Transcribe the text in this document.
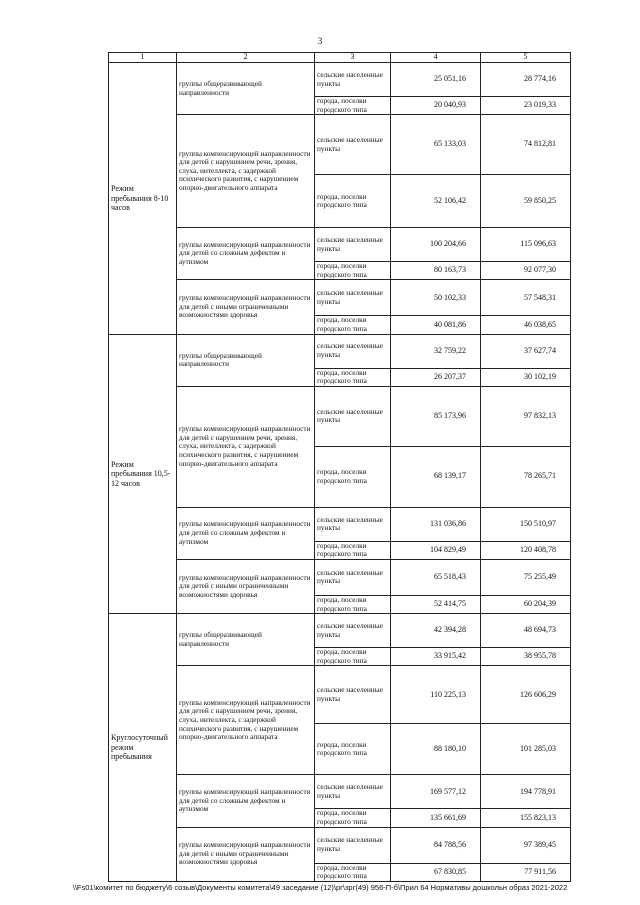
3
1	2	3	4	5
Режим пребывания 8-10 часов	группы общеразвивающей направленности	сельские населенные пункты	25 051,16	28 774,16
		города, поселки городского типа	20 040,93	23 019,33
	группы компенсирующей направленности для детей с нарушением речи, зрения, слуха, интеллекта, с задержкой психического развития, с нарушением опорно-двигательного аппарата	сельские населенные пункты	65 133,03	74 812,81
		города, поселки городского типа	52 106,42	59 850,25
	группы компенсирующей направленности для детей со сложным дефектом и аутизмом	сельские населенные пункты	100 204,66	115 096,63
		города, поселки городского типа	80 163,73	92 077,30
	группы компенсирующей направленности для детей с иными ограниченными возможностями здоровья	сельские населенные пункты	50 102,33	57 548,31
		города, поселки городского типа	40 081,86	46 038,65
Режим пребывания 10,5-12 часов	группы общеразвивающей направленности	сельские населенные пункты	32 759,22	37 627,74
		города, поселки городского типа	26 207,37	30 102,19
	группы компенсирующей направленности для детей с нарушением речи, зрения, слуха, интеллекта, с задержкой психического развития, с нарушением опорно-двигательного аппарата	сельские населенные пункты	85 173,96	97 832,13
		города, поселки городского типа	68 139,17	78 265,71
	группы компенсирующей направленности для детей со сложным дефектом и аутизмом	сельские населенные пункты	131 036,86	150 510,97
		города, поселки городского типа	104 829,49	120 408,78
	группы компенсирующей направленности для детей с иными ограниченными возможностями здоровья	сельские населенные пункты	65 518,43	75 255,49
		города, поселки городского типа	52 414,75	60 204,39
Круглосуточный режим пребывания	группы общеразвивающей направленности	сельские населенные пункты	42 394,28	48 694,73
		города, поселки городского типа	33 915,42	38 955,78
	группы компенсирующей направленности для детей с нарушением речи, зрения, слуха, интеллекта, с задержкой психического развития, с нарушением опорно-двигательного аппарата	сельские населенные пункты	110 225,13	126 606,29
		города, поселки городского типа	88 180,10	101 285,03
	группы компенсирующей направленности для детей со сложным дефектом и аутизмом	сельские населенные пункты	169 577,12	194 778,91
		города, поселки городского типа	135 661,69	155 823,13
	группы компенсирующей направленности для детей с иными ограниченными возможностями здоровья	сельские населенные пункты	84 788,56	97 389,45
		города, поселки городского типа	67 830,85	77 911,56
\\Fs01\комитет по бюджету\6 созыв\Документы комитета\49 заседание (12)\рг\зрг(49) 956-П-б\Прил 64 Нормативы дошкольн образ 2021-2022
